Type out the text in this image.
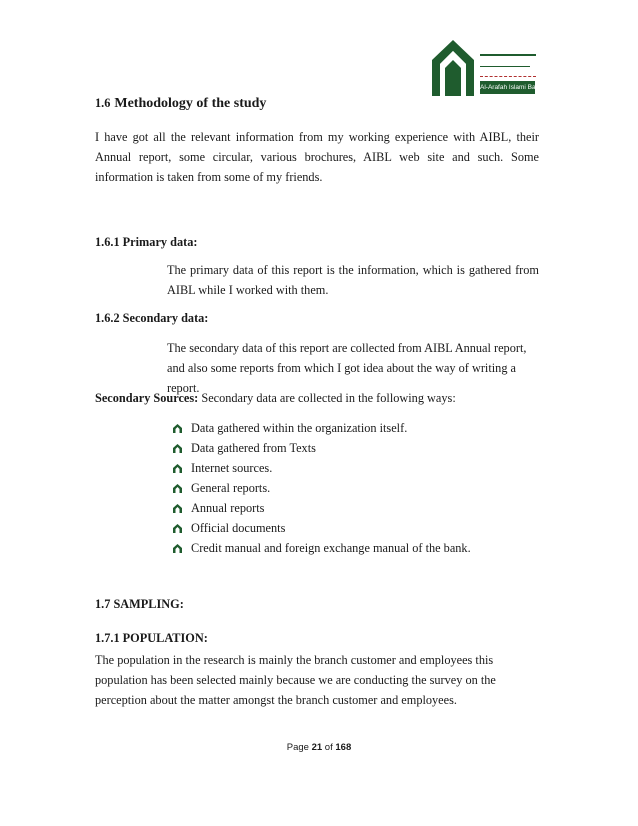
Al-Arafah Islami Bank Limited
1.6 Methodology of the study

I have got all the relevant information from my working experience with AIBL, their Annual report, some circular, various brochures, AIBL web site and such. Some information is taken from some of my friends.

1.6.1 Primary data:

The primary data of this report is the information, which is gathered from AIBL while I worked with them.

1.6.2 Secondary data:

The secondary data of this report are collected from AIBL Annual report, and also some reports from which I got idea about the way of writing a report.

Secondary Sources: Secondary data are collected in the following ways:

Data gathered within the organization itself.
Data gathered from Texts
Internet sources.
General reports.
Annual reports
Official documents
Credit manual and foreign exchange manual of the bank.

1.7 SAMPLING:

1.7.1 POPULATION:

The population in the research is mainly the branch customer and employees this population has been selected mainly because we are conducting the survey on the perception about the matter amongst the branch customer and employees.

Page 21 of 168
